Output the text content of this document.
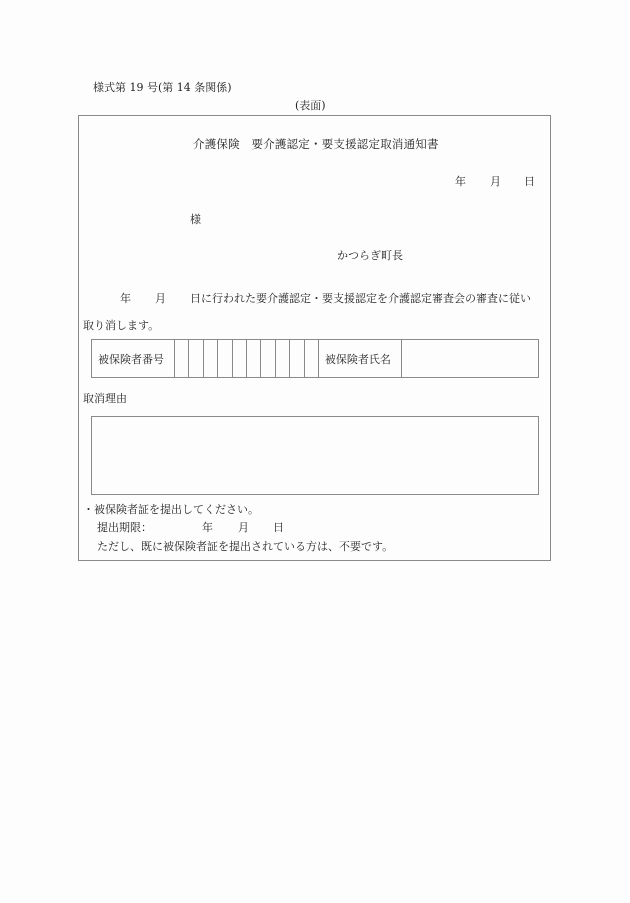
様式第 19 号(第 14 条関係)
(表面)
介護保険　要介護認定・要支援認定取消通知書
年 月 日
様
かつらぎ町長
年 月 日に行われた要介護認定・要支援認定を介護認定審査会の審査に従い
取り消します。
被保険者番号											被保険者氏名	
取消理由
・被保険者証を提出してください。
提出期限：	年 月 日
ただし、既に被保険者証を提出されている方は、不要です。
